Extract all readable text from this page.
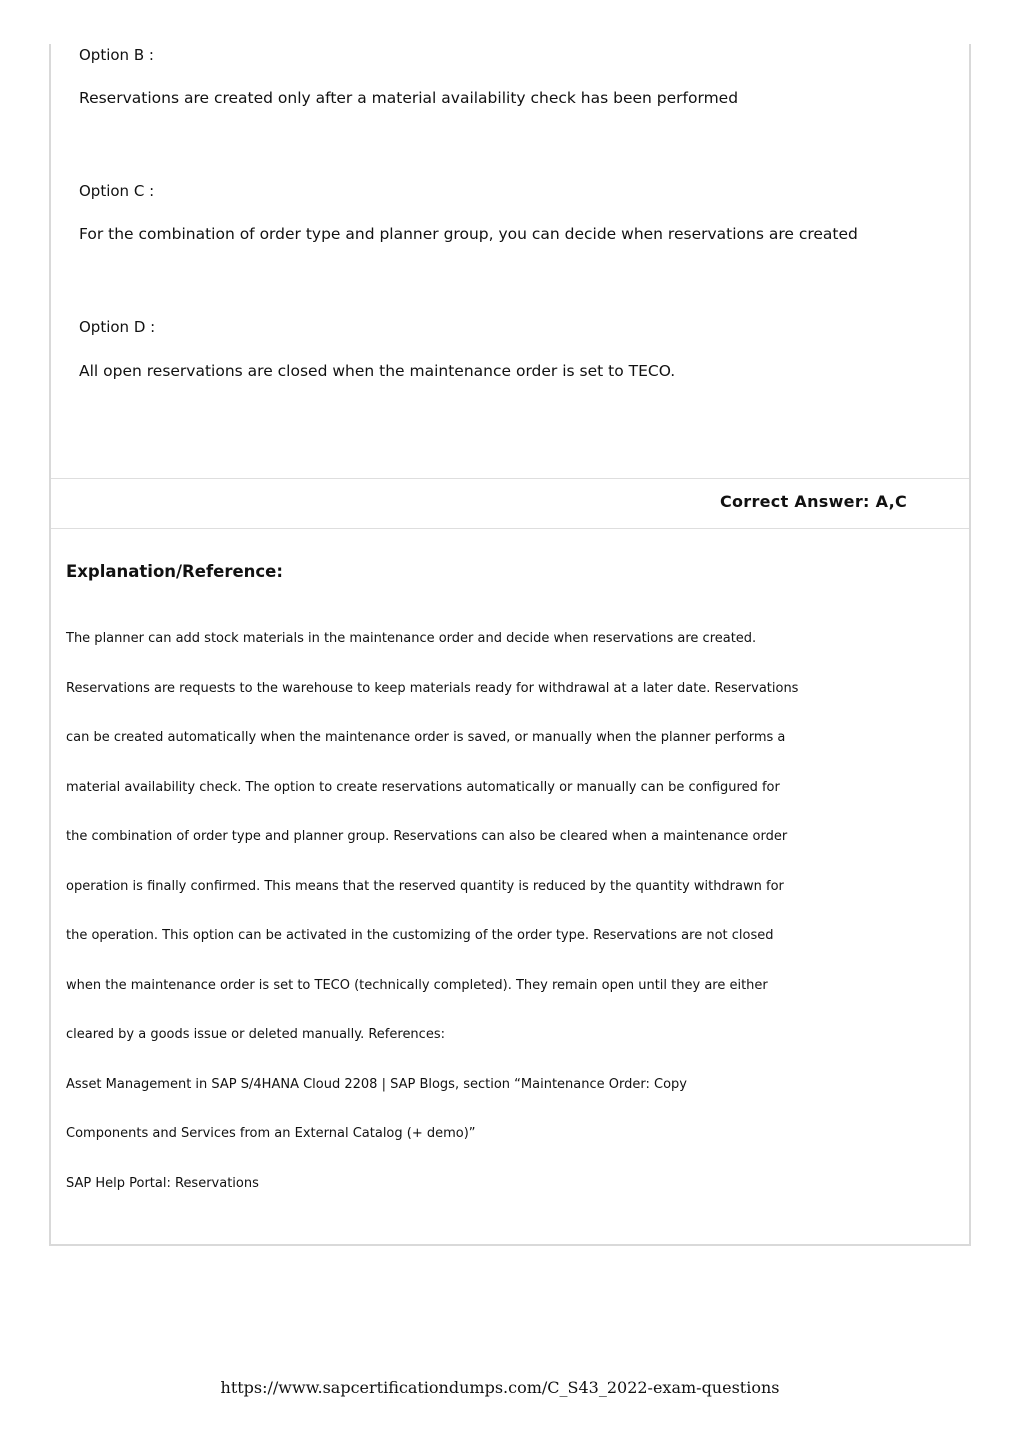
Option B :

Reservations are created only after a material availability check has been performed

Option C :

For the combination of order type and planner group, you can decide when reservations are created

Option D :

All open reservations are closed when the maintenance order is set to TECO.

Correct Answer: A,C
Explanation/Reference:

The planner can add stock materials in the maintenance order and decide when reservations are created.

Reservations are requests to the warehouse to keep materials ready for withdrawal at a later date. Reservations

can be created automatically when the maintenance order is saved, or manually when the planner performs a

material availability check. The option to create reservations automatically or manually can be configured for

the combination of order type and planner group. Reservations can also be cleared when a maintenance order

operation is finally confirmed. This means that the reserved quantity is reduced by the quantity withdrawn for

the operation. This option can be activated in the customizing of the order type. Reservations are not closed

when the maintenance order is set to TECO (technically completed). They remain open until they are either

cleared by a goods issue or deleted manually. References:

Asset Management in SAP S/4HANA Cloud 2208 | SAP Blogs, section “Maintenance Order: Copy

Components and Services from an External Catalog (+ demo)”

SAP Help Portal: Reservations

https://www.sapcertificationdumps.com/C_S43_2022-exam-questions
